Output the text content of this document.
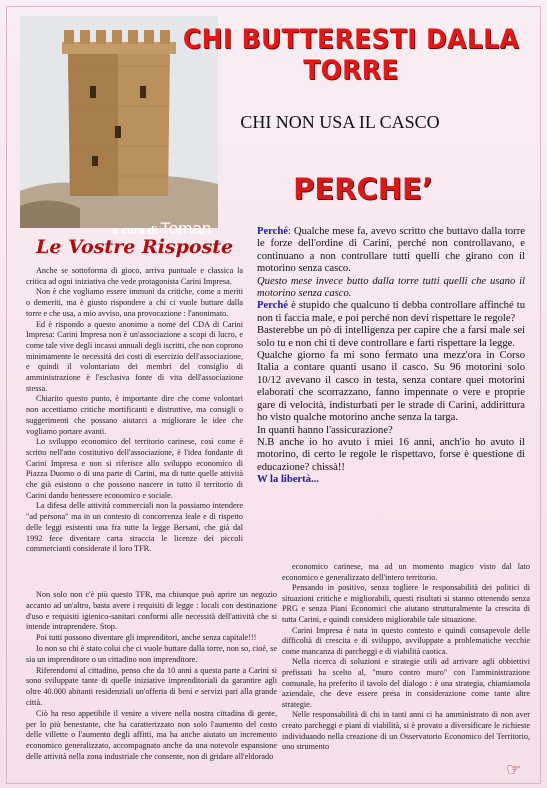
a cura di Toman
CHI BUTTERESTI DALLA TORRE
CHI NON USA IL CASCO
PERCHE’
Le Vostre Risposte

Anche se sottoforma di gioco, arriva puntuale e classica la critica ad ogni iniziativa che vede protagonista Carini Impresa.

Non è che vogliamo essere immuni da critiche, come a meriti o demeriti, ma è giusto rispondere a chi ci vuole buttare dalla torre e che usa, a mio avviso, una provocazione : l'anonimato.

Ed è rispondo a questo anonimo a nome del CDA di Carini Impresa: Carini Impresa non è un'associazione a scopi di lucro, e come tale vive degli incassi annuali degli iscritti, che non coprono minimamente le necessità dei costi di esercizio dell'associazione, e quindi il volontariato dei membri del consiglio di amministrazione è l'esclusiva fonte di vita dell'associazione stessa.

Chiarito questo punto, è importante dire che come volontari non accettiamo critiche mortificanti e distruttive, ma consigli o suggerimenti che possano aiutarci a migliorare le idee che vogliamo portare avanti.

Lo sviluppo economico del territorio carinese, così come è scritto nell'atto costitutivo dell'associazione, è l'idea fondante di Carini Impresa e non si riferisce allo sviluppo economico di Piazza Duomo o di una parte di Carini, ma di tutte quelle attività che già esistono o che possono nascere in tutto il territorio di Carini dando benessere economico e sociale.

La difesa delle attività commerciali non la possiamo intendere "ad persona" ma in un contesto di concorrenza leale e di rispetto delle leggi esistenti una fra tutte la legge Bersani, che già dal 1992 fece diventare carta straccia le licenze dei piccoli commercianti considerate il loro TFR.

Non solo non c'è più questo TFR, ma chiunque può aprire un negozio accanto ad un'altro, basta avere i requisiti di legge : locali con destinazione d'uso e requisiti igienico-sanitari conformi alle necessità dell'attività che si intende intraprendere. Stop.

Poi tutti possono diventare gli imprenditori, anche senza capitale!!!

Io non so chi è stato colui che ci vuole buttare dalla torre, non so, cioè, se sia un imprenditore o un cittadino non imprenditore.

Riferendomi al cittadino, penso che da 10 anni a questa parte a Carini si sono sviluppate tante di quelle iniziative imprenditoriali da garantire agli oltre 40.000 abitanti residenziali un'offerta di beni e servizi pari alla grande città.

Ciò ha reso appetibile il venire a vivere nella nostra cittadina di gente, per lo più benestante, che ha caratterizzato non solo l'aumento del costo delle villette o l'aumento degli affitti, ma ha anche aiutato un incremento economico generalizzato, accompagnato anche da una notevole espansione delle attività nella zona industriale che consente, non di gridare all'eldorado

Perché: Qualche mese fa, avevo scritto che buttavo dalla torre le forze dell'ordine di Carini, perché non controllavano, e continuano a non controllare tutti quelli che girano con il motorino senza casco.
Questo mese invece butto dalla torre tutti quelli che usano il motorino senza casco.
Perché è stupido che qualcuno ti debba controllare affinché tu non ti faccia male, e poi perché non devi rispettare le regole?
Basterebbe un pò di intelligenza per capire che a farsi male sei solo tu e non chi ti deve controllare e farti rispettare la legge.
Qualche giorno fa mi sono fermato una mezz'ora in Corso Italia a contare quanti usano il casco. Su 96 motorini solo 10/12 avevano il casco in testa, senza contare quei motorini elaborati che scorrazzano, fanno impennate o vere e proprie gare di velocità, indisturbati per le strade di Carini, addirittura ho visto qualche motorino anche senza la targa.
In quanti hanno l'assicurazione?
N.B anche io ho avuto i miei 16 anni, anch'io ho avuto il motorino, di certo le regole le rispettavo, forse è questione di educazione? chissà!!
W la libertà...

economico carinese, ma ad un momento magico visto dal lato economico e generalizzato dell'intero territorio.

Pensando in positivo, senza togliere le responsabilità dei politici di situazioni critiche e migliorabili, questi risultati si stanno ottenendo senza PRG e senza Piani Economici che aiutano strutturalmente la crescita di tutta Carini, e quindi considero migliorabile tale situazione.

Carini Impresa è nata in questo contesto e quindi consapevole delle difficoltà di crescita e di sviluppo, avviluppate a problematiche vecchie come mancanza di parcheggi e di viabilità caotica.

Nella ricerca di soluzioni e strategie utili ad arrivare agli obbiettivi prefissati ha scelto al, "muro contro muro" con l'amministrazione comunale, ha preferito il tavolo del dialogo : è una strategia, chiamiamola aziendale, che deve essere presa in considerazione come tante altre strategie.

Nelle responsabilità di chi in tanti anni ci ha amministrato di non aver creato parcheggi e piani di viabilità, si è provato a diversificare le richieste individuando nella creazione di un Osservatorio Economico del Territorio, uno strumento

☞
